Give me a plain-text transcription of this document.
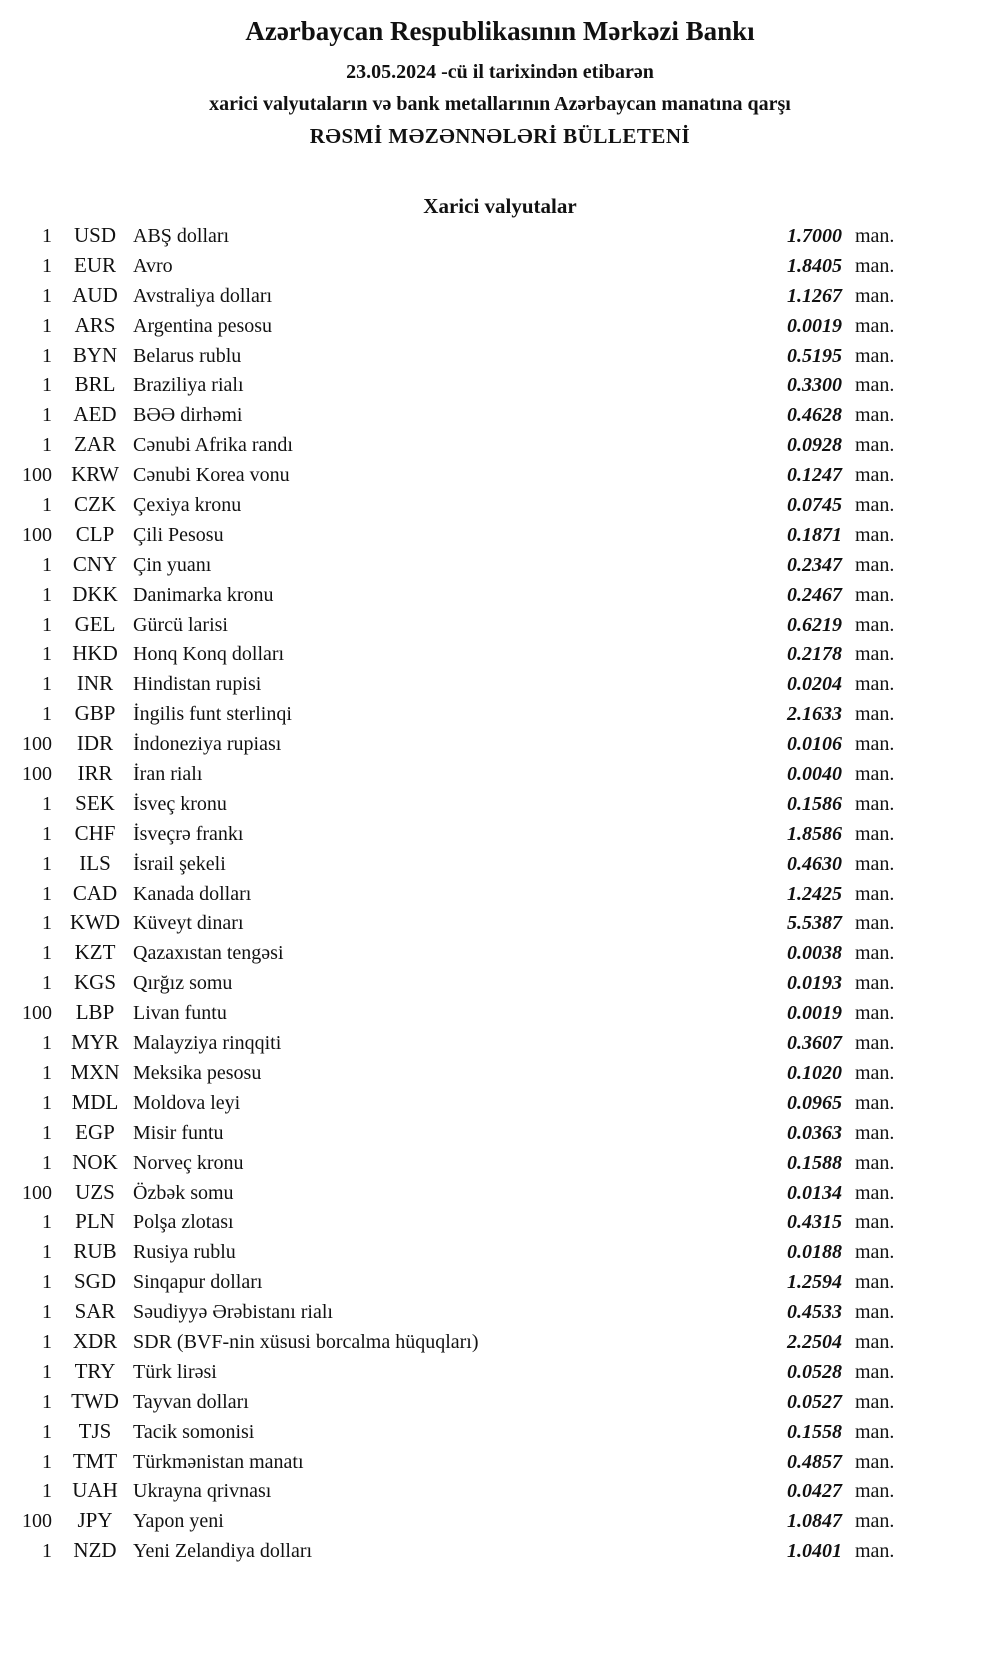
Azərbaycan Respublikasının Mərkəzi Bankı
23.05.2024 -cü il tarixindən etibarən
xarici valyutaların və bank metallarının Azərbaycan manatına qarşı
RƏSMİ MƏZƏNNƏLƏRİ BÜLLETENİ
Xarici valyutalar
1	USD ABŞ dolları	1.7000 man.
1	EUR Avro	1.8405 man.
1 AUD Avstraliya dolları	1.1267 man.
1	ARS Argentina pesosu	0.0019 man.
1 BYN Belarus rublu	0.5195 man.
1	BRL Braziliya rialı	0.3300 man.
1	AED BƏƏ dirhəmi	0.4628 man.
1	ZAR Cənubi Afrika randı	0.0928 man.
100 KRW Cənubi Korea vonu	0.1247 man.
1	CZK Çexiya kronu	0.0745 man.
100	CLP Çili Pesosu	0.1871 man.
1 CNY Çin yuanı	0.2347 man.
1 DKK Danimarka kronu	0.2467 man.
1	GEL Gürcü larisi	0.6219 man.
1 HKD Honq Konq dolları	0.2178 man.
1	INR Hindistan rupisi	0.0204 man.
1	GBP İngilis funt sterlinqi	2.1633 man.
100	IDR İndoneziya rupiası	0.0106 man.
100	IRR	İran rialı	0.0040 man.
1	SEK İsveç kronu	0.1586 man.
1	CHF İsveçrə frankı	1.8586 man.
1	ILS	İsrail şekeli	0.4630 man.
1 CAD Kanada dolları	1.2425 man.
1 KWD Küveyt dinarı	5.5387 man.
1	KZT Qazaxıstan tengəsi	0.0038 man.
1	KGS Qırğız somu	0.0193 man.
100	LBP Livan funtu	0.0019 man.
1 MYR Malayziya rinqqiti	0.3607 man.
1 MXN Meksika pesosu	0.1020 man.
1 MDL Moldova leyi	0.0965 man.
1	EGP Misir funtu	0.0363 man.
1 NOK Norveç kronu	0.1588 man.
100	UZS Özbək somu	0.0134 man.
1	PLN Polşa zlotası	0.4315 man.
1	RUB Rusiya rublu	0.0188 man.
1	SGD Sinqapur dolları	1.2594 man.
1	SAR Səudiyyə Ərəbistanı rialı	0.4533 man.
1 XDR SDR (BVF-nin xüsusi borcalma hüquqları)	2.2504 man.
1	TRY Türk lirəsi	0.0528 man.
1 TWD Tayvan dolları	0.0527 man.
1	TJS	Tacik somonisi	0.1558 man.
1 TMT Türkmənistan manatı	0.4857 man.
1 UAH Ukrayna qrivnası	0.0427 man.
100	JPY	Yapon yeni	1.0847 man.
1	NZD Yeni Zelandiya dolları	1.0401 man.
